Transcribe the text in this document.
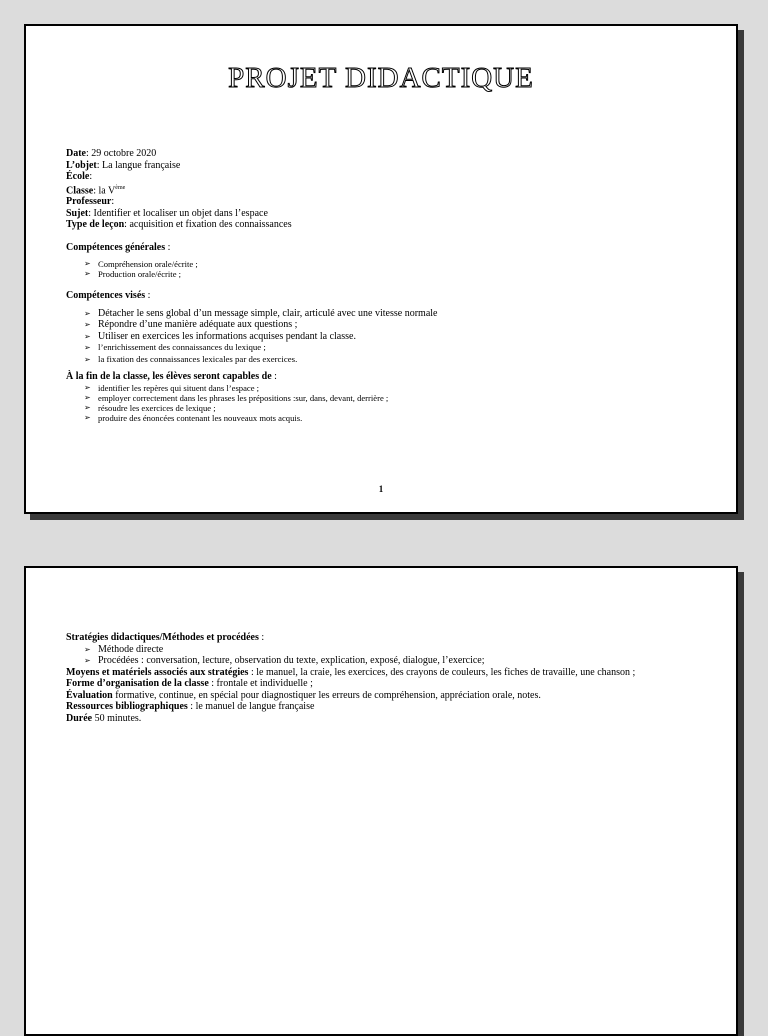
PROJET DIDACTIQUE
Date: 29 octobre 2020
L’objet: La langue française
École:
Classe: la Vème
Professeur:
Sujet: Identifier et localiser un objet dans l’espace
Type de leçon: acquisition et fixation des connaissances
Compétences générales :
➢ Compréhension orale/écrite ;
➢ Production orale/écrite ;
Compétences visés :
➢ Détacher le sens global d’un message simple, clair, articulé avec une vitesse normale
➢ Répondre d’une manière adéquate aux questions ;
➢ Utiliser en exercices les informations acquises pendant la classe.
➢ l’enrichissement des connaissances du lexique ;
➢ la fixation des connaissances lexicales par des exercices.
À la fin de la classe, les élèves seront capables de :
➢ identifier les repères qui situent dans l’espace ;
➢ employer correctement dans les phrases les prépositions :sur, dans, devant, derrière ;
➢ résoudre les exercices de lexique ;
➢ produire des énoncées contenant les nouveaux mots acquis.
1
Stratégies didactiques/Méthodes et procédées :
➢ Méthode directe
➢ Procédées : conversation, lecture, observation du texte, explication, exposé, dialogue, l’exercice;
Moyens et matériels associés aux stratégies : le manuel, la craie, les exercices, des crayons de couleurs, les fiches de travaille, une chanson ;
Forme d’organisation de la classe : frontale et individuelle ;
Évaluation formative, continue, en spécial pour diagnostiquer les erreurs de compréhension, appréciation orale, notes.
Ressources bibliographiques : le manuel de langue française
Durée 50 minutes.
